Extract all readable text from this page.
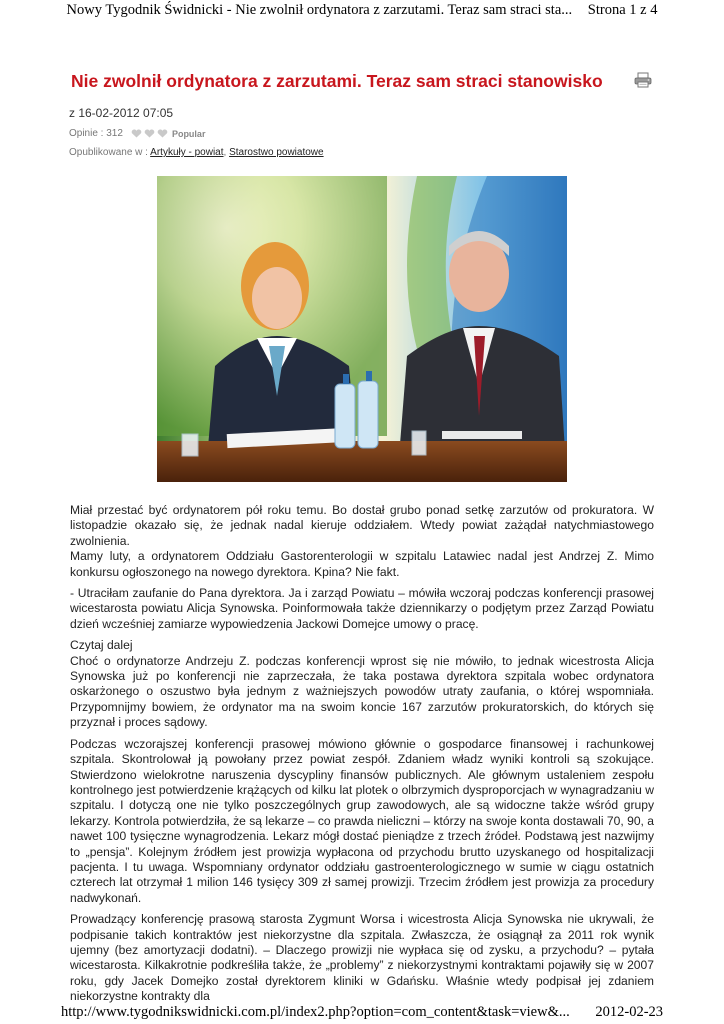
Nowy Tygodnik Świdnicki - Nie zwolnił ordynatora z zarzutami. Teraz sam straci sta... Strona 1 z 4
Nie zwolnił ordynatora z zarzutami. Teraz sam straci stanowisko
z 16-02-2012 07:05
Opinie : 312	Popular
Opublikowane w : Artykuły - powiat, Starostwo powiatowe

Miał przestać być ordynatorem pół roku temu. Bo dostał grubo ponad setkę zarzutów od prokuratora. W listopadzie okazało się, że jednak nadal kieruje oddziałem. Wtedy powiat zażądał natychmiastowego zwolnienia.

Mamy luty, a ordynatorem Oddziału Gastorenterologii w szpitalu Latawiec nadal jest Andrzej Z. Mimo konkursu ogłoszonego na nowego dyrektora. Kpina? Nie fakt.

- Utraciłam zaufanie do Pana dyrektora. Ja i zarząd Powiatu – mówiła wczoraj podczas konferencji prasowej wicestarosta powiatu Alicja Synowska. Poinformowała także dziennikarzy o podjętym przez Zarząd Powiatu dzień wcześniej zamiarze wypowiedzenia Jackowi Domejce umowy o pracę.

Czytaj dalej

Choć o ordynatorze Andrzeju Z. podczas konferencji wprost się nie mówiło, to jednak wicestrosta Alicja Synowska już po konferencji nie zaprzeczała, że taka postawa dyrektora szpitala wobec ordynatora oskarżonego o oszustwo była jednym z ważniejszych powodów utraty zaufania, o której wspomniała. Przypomnijmy bowiem, że ordynator ma na swoim koncie 167 zarzutów prokuratorskich, do których się przyznał i proces sądowy.

Podczas wczorajszej konferencji prasowej mówiono głównie o gospodarce finansowej i rachunkowej szpitala. Skontrolował ją powołany przez powiat zespół. Zdaniem władz wyniki kontroli są szokujące. Stwierdzono wielokrotne naruszenia dyscypliny finansów publicznych. Ale głównym ustaleniem zespołu kontrolnego jest potwierdzenie krążących od kilku lat plotek o olbrzymich dysproporcjach w wynagradzaniu w szpitalu. I dotyczą one nie tylko poszczególnych grup zawodowych, ale są widoczne także wśród grupy lekarzy. Kontrola potwierdziła, że są lekarze – co prawda nieliczni – którzy na swoje konta dostawali 70, 90, a nawet 100 tysięczne wynagrodzenia. Lekarz mógł dostać pieniądze z trzech źródeł. Podstawą jest nazwijmy to „pensja”. Kolejnym źródłem jest prowizja wypłacona od przychodu brutto uzyskanego od hospitalizacji pacjenta. I tu uwaga. Wspomniany ordynator oddziału gastroenterologicznego w sumie w ciągu ostatnich czterech lat otrzymał 1 milion 146 tysięcy 309 zł samej prowizji. Trzecim źródłem jest prowizja za procedury nadwykonań.

Prowadzący konferencję prasową starosta Zygmunt Worsa i wicestrosta Alicja Synowska nie ukrywali, że podpisanie takich kontraktów jest niekorzystne dla szpitala. Zwłaszcza, że osiągnął za 2011 rok wynik ujemny (bez amortyzacji dodatni). – Dlaczego prowizji nie wypłaca się od zysku, a przychodu? – pytała wicestarosta. Kilkakrotnie podkreśliła także, że „problemy” z niekorzystnymi kontraktami pojawiły się w 2007 roku, gdy Jacek Domejko został dyrektorem kliniki w Gdańsku. Właśnie wtedy podpisał jej zdaniem niekorzystne kontrakty dla

http://www.tygodnikswidnicki.com.pl/index2.php?option=com_content&task=view&... 2012-02-23
